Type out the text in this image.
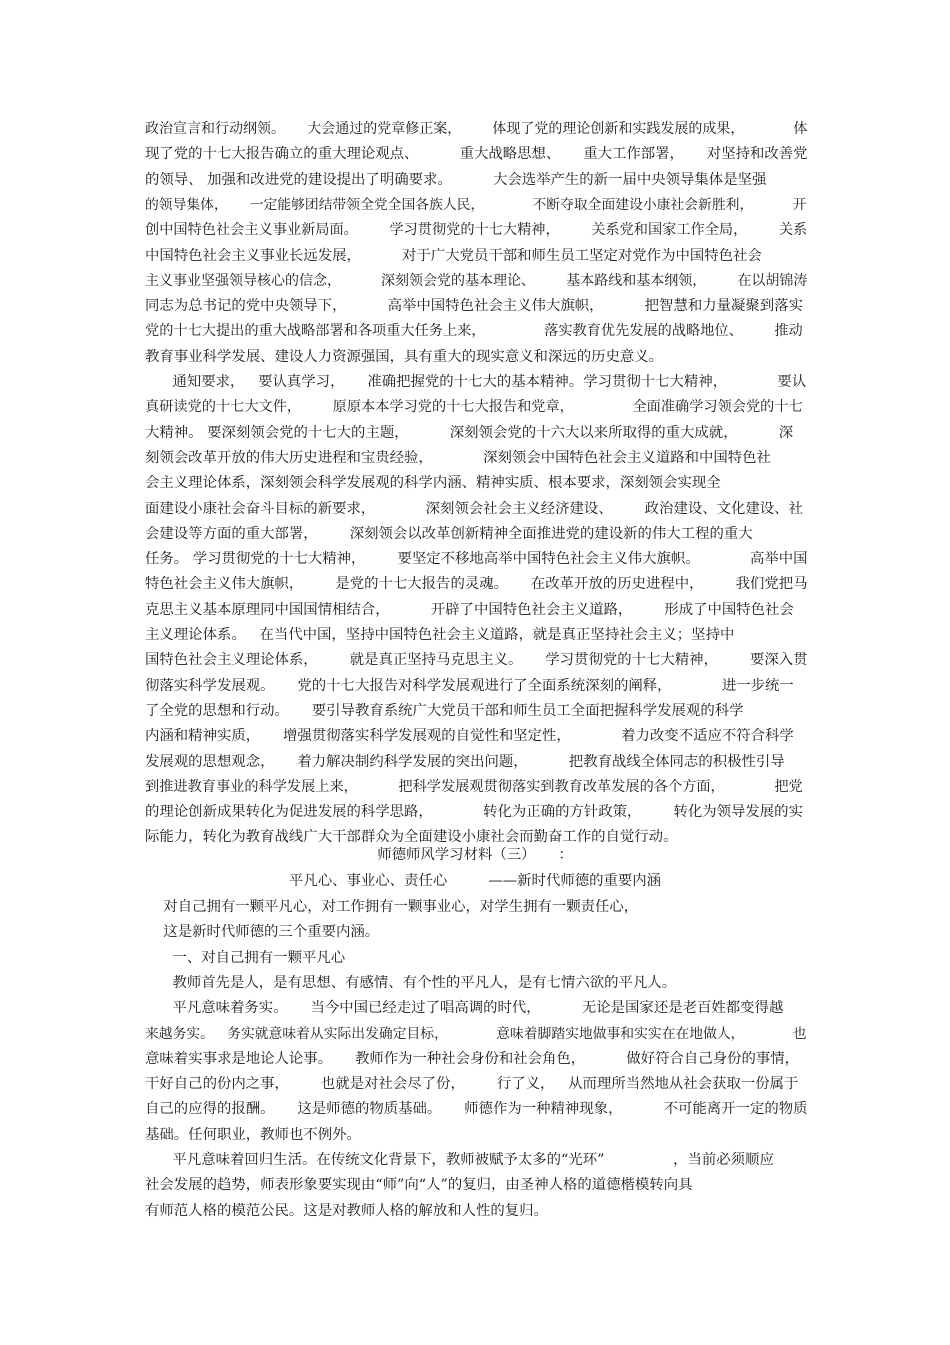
政治宣言和行动纲领。     大会通过的党章修正案，       体现了党的理论创新和实践发展的成果，           体
现了党的十七大报告确立的重大理论观点、         重大战略思想、     重大工作部署，     对坚持和改善党
的领导、 加强和改进党的建设提出了明确要求。         大会选举产生的新一届中央领导集体是坚强
的领导集体，     一定能够团结带领全党全国各族人民，           不断夺取全面建设小康社会新胜利，         开
创中国特色社会主义事业新局面。       学习贯彻党的十七大精神，       关系党和国家工作全局，       关系
中国特色社会主义事业长远发展，         对于广大党员干部和师生员工坚定对党作为中国特色社会
主义事业坚强领导核心的信念，         深刻领会党的基本理论、       基本路线和基本纲领，       在以胡锦涛
同志为总书记的党中央领导下，         高举中国特色社会主义伟大旗帜，         把智慧和力量凝聚到落实
党的十七大提出的重大战略部署和各项重大任务上来，             落实教育优先发展的战略地位、       推动
教育事业科学发展、建设人力资源强国，具有重大的现实意义和深远的历史意义。
通知要求，   要认真学习，     准确把握党的十七大的基本精神。学习贯彻十七大精神，           要认
真研读党的十七大文件，       原原本本学习党的十七大报告和党章，             全面准确学习领会党的十七
大精神。 要深刻领会党的十七大的主题，         深刻领会党的十六大以来所取得的重大成就，         深
刻领会改革开放的伟大历史进程和宝贵经验，           深刻领会中国特色社会主义道路和中国特色社
会主义理论体系，深刻领会科学发展观的科学内涵、精神实质、根本要求，深刻领会实现全
面建设小康社会奋斗目标的新要求，           深刻领会社会主义经济建设、       政治建设、文化建设、社
会建设等方面的重大部署，       深刻领会以改革创新精神全面推进党的建设新的伟大工程的重大
任务。 学习贯彻党的十七大精神，       要坚定不移地高举中国特色社会主义伟大旗帜。           高举中国
特色社会主义伟大旗帜，       是党的十七大报告的灵魂。     在改革开放的历史进程中，       我们党把马
克思主义基本原理同中国国情相结合，         开辟了中国特色社会主义道路，       形成了中国特色社会
主义理论体系。   在当代中国，坚持中国特色社会主义道路，就是真正坚持社会主义；坚持中
国特色社会主义理论体系，       就是真正坚持马克思主义。     学习贯彻党的十七大精神，       要深入贯
彻落实科学发展观。     党的十七大报告对科学发展观进行了全面系统深刻的阐释，           进一步统一
了全党的思想和行动。     要引导教育系统广大党员干部和师生员工全面把握科学发展观的科学
内涵和精神实质，     增强贯彻落实科学发展观的自觉性和坚定性，           着力改变不适应不符合科学
发展观的思想观念，     着力解决制约科学发展的突出问题，         把教育战线全体同志的积极性引导
到推进教育事业的科学发展上来，         把科学发展观贯彻落实到教育改革发展的各个方面，           把党
的理论创新成果转化为促进发展的科学思路，           转化为正确的方针政策，       转化为领导发展的实
际能力，转化为教育战线广大干部群众为全面建设小康社会而勤奋工作的自觉行动。
师德师风学习材料（三）     ：
平凡心、事业心、责任心         ——新时代师德的重要内涵
对自己拥有一颗平凡心，对工作拥有一颗事业心，对学生拥有一颗责任心，
这是新时代师德的三个重要内涵。
一、对自己拥有一颗平凡心
教师首先是人，是有思想、有感情、有个性的平凡人，是有七情六欲的平凡人。
平凡意味着务实。     当今中国已经走过了唱高调的时代，         无论是国家还是老百姓都变得越
来越务实。   务实就意味着从实际出发确定目标，           意味着脚踏实地做事和实实在在地做人，           也
意味着实事求是地论人论事。     教师作为一种社会身份和社会角色，         做好符合自己身份的事情，
干好自己的份内之事，       也就是对社会尽了份，       行了义，   从而理所当然地从社会获取一份属于
自己的应得的报酬。     这是师德的物质基础。     师德作为一种精神现象，         不可能离开一定的物质
基础。任何职业，教师也不例外。
平凡意味着回归生活。在传统文化背景下，教师被赋予太多的“光环”               ，当前必须顺应
社会发展的趋势，师表形象要实现由“师”向“人”的复归，由圣神人格的道德楷模转向具
有师范人格的模范公民。这是对教师人格的解放和人性的复归。
